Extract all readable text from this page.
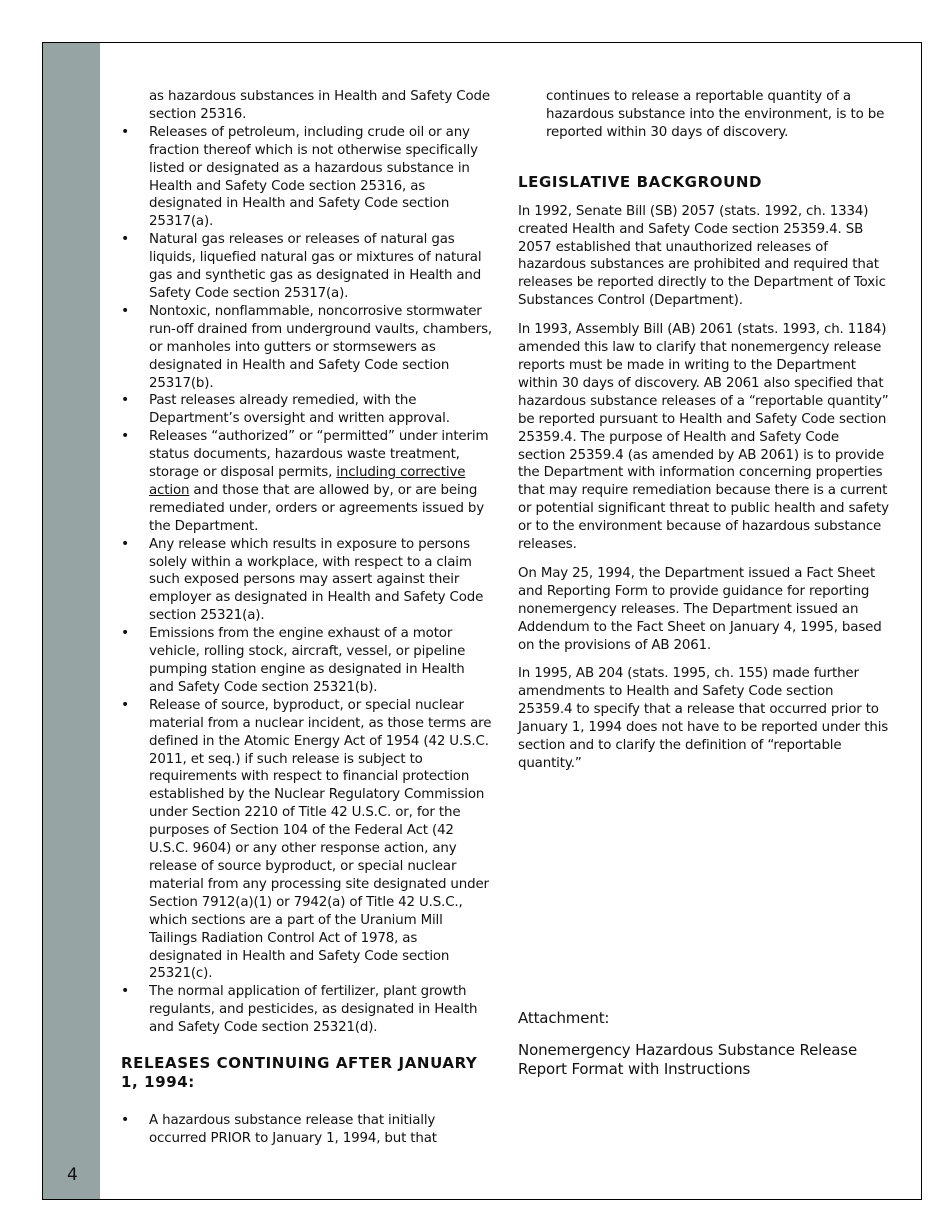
4

as hazardous substances in Health and Safety Code section 25316.

• Releases of petroleum, including crude oil or any fraction thereof which is not otherwise specifically listed or designated as a hazardous substance in Health and Safety Code section 25316, as designated in Health and Safety Code section 25317(a).
• Natural gas releases or releases of natural gas liquids, liquefied natural gas or mixtures of natural gas and synthetic gas as designated in Health and Safety Code section 25317(a).
• Nontoxic, nonflammable, noncorrosive stormwater run-off drained from underground vaults, chambers, or manholes into gutters or stormsewers as designated in Health and Safety Code section 25317(b).
• Past releases already remedied, with the Department’s oversight and written approval.
• Releases “authorized” or “permitted” under interim status documents, hazardous waste treatment, storage or disposal permits, including corrective action and those that are allowed by, or are being remediated under, orders or agreements issued by the Department.
• Any release which results in exposure to persons solely within a workplace, with respect to a claim such exposed persons may assert against their employer as designated in Health and Safety Code section 25321(a).
• Emissions from the engine exhaust of a motor vehicle, rolling stock, aircraft, vessel, or pipeline pumping station engine as designated in Health and Safety Code section 25321(b).
• Release of source, byproduct, or special nuclear material from a nuclear incident, as those terms are defined in the Atomic Energy Act of 1954 (42 U.S.C. 2011, et seq.) if such release is subject to requirements with respect to financial protection established by the Nuclear Regulatory Commission under Section 2210 of Title 42 U.S.C. or, for the purposes of Section 104 of the Federal Act (42 U.S.C. 9604) or any other response action, any release of source byproduct, or special nuclear material from any processing site designated under Section 7912(a)(1) or 7942(a) of Title 42 U.S.C., which sections are a part of the Uranium Mill Tailings Radiation Control Act of 1978, as designated in Health and Safety Code section 25321(c).
• The normal application of fertilizer, plant growth regulants, and pesticides, as designated in Health and Safety Code section 25321(d).
RELEASES CONTINUING AFTER JANUARY 1, 1994:
• A hazardous substance release that initially occurred PRIOR to January 1, 1994, but that

continues to release a reportable quantity of a hazardous substance into the environment, is to be reported within 30 days of discovery.

LEGISLATIVE BACKGROUND

In 1992, Senate Bill (SB) 2057 (stats. 1992, ch. 1334) created Health and Safety Code section 25359.4. SB 2057 established that unauthorized releases of hazardous substances are prohibited and required that releases be reported directly to the Department of Toxic Substances Control (Department).

In 1993, Assembly Bill (AB) 2061 (stats. 1993, ch. 1184) amended this law to clarify that nonemergency release reports must be made in writing to the Department within 30 days of discovery. AB 2061 also specified that hazardous substance releases of a “reportable quantity” be reported pursuant to Health and Safety Code section 25359.4. The purpose of Health and Safety Code section 25359.4 (as amended by AB 2061) is to provide the Department with information concerning properties that may require remediation because there is a current or potential significant threat to public health and safety or to the environment because of hazardous substance releases.

On May 25, 1994, the Department issued a Fact Sheet and Reporting Form to provide guidance for reporting nonemergency releases. The Department issued an Addendum to the Fact Sheet on January 4, 1995, based on the provisions of AB 2061.

In 1995, AB 204 (stats. 1995, ch. 155) made further amendments to Health and Safety Code section 25359.4 to specify that a release that occurred prior to January 1, 1994 does not have to be reported under this section and to clarify the definition of “reportable quantity.”

Attachment:

Nonemergency Hazardous Substance Release Report Format with Instructions
